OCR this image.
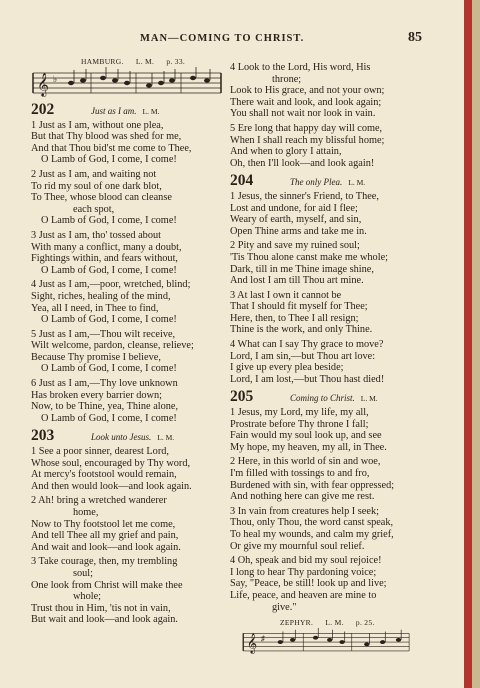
MAN—COMING TO CHRIST.	85
HAMBURG. L. M. p. 33.
𝄞 ♭
202	Just as I am. L. M.
1 Just as I am, without one plea,
But that Thy blood was shed for me,
And that Thou bid'st me come to Thee,
O Lamb of God, I come, I come!
2 Just as I am, and waiting not
To rid my soul of one dark blot,
To Thee, whose blood can cleanse
each spot,
O Lamb of God, I come, I come!
3 Just as I am, tho' tossed about
With many a conflict, many a doubt,
Fightings within, and fears without,
O Lamb of God, I come, I come!
4 Just as I am,—poor, wretched, blind;
Sight, riches, healing of the mind,
Yea, all I need, in Thee to find,
O Lamb of God, I come, I come!
5 Just as I am,—Thou wilt receive,
Wilt welcome, pardon, cleanse, relieve;
Because Thy promise I believe,
O Lamb of God, I come, I come!
6 Just as I am,—Thy love unknown
Has broken every barrier down;
Now, to be Thine, yea, Thine alone,
O Lamb of God, I come, I come!
203	Look unto Jesus. L. M.
1 See a poor sinner, dearest Lord,
Whose soul, encouraged by Thy word,
At mercy's footstool would remain,
And then would look—and look again.
2 Ah! bring a wretched wanderer
home,
Now to Thy footstool let me come,
And tell Thee all my grief and pain,
And wait and look—and look again.
3 Take courage, then, my trembling
soul;
One look from Christ will make thee
whole;
Trust thou in Him, 'tis not in vain,
But wait and look—and look again.
4 Look to the Lord, His word, His
throne;
Look to His grace, and not your own;
There wait and look, and look again;
You shall not wait nor look in vain.
5 Ere long that happy day will come,
When I shall reach my blissful home;
And when to glory I attain,
Oh, then I'll look—and look again!
204	The only Plea. L. M.
1 Jesus, the sinner's Friend, to Thee,
Lost and undone, for aid I flee;
Weary of earth, myself, and sin,
Open Thine arms and take me in.
2 Pity and save my ruined soul;
'Tis Thou alone canst make me whole;
Dark, till in me Thine image shine,
And lost I am till Thou art mine.
3 At last I own it cannot be
That I should fit myself for Thee;
Here, then, to Thee I all resign;
Thine is the work, and only Thine.
4 What can I say Thy grace to move?
Lord, I am sin,—but Thou art love:
I give up every plea beside;
Lord, I am lost,—but Thou hast died!
205	Coming to Christ. L. M.
1 Jesus, my Lord, my life, my all,
Prostrate before Thy throne I fall;
Fain would my soul look up, and see
My hope, my heaven, my all, in Thee.
2 Here, in this world of sin and woe,
I'm filled with tossings to and fro,
Burdened with sin, with fear oppressed;
And nothing here can give me rest.
3 In vain from creatures help I seek;
Thou, only Thou, the word canst speak,
To heal my wounds, and calm my grief,
Or give my mournful soul relief.
4 Oh, speak and bid my soul rejoice!
I long to hear Thy pardoning voice;
Say, "Peace, be still! look up and live;
Life, peace, and heaven are mine to
give."
ZEPHYR. L. M. p. 25.
𝄞 ♯
